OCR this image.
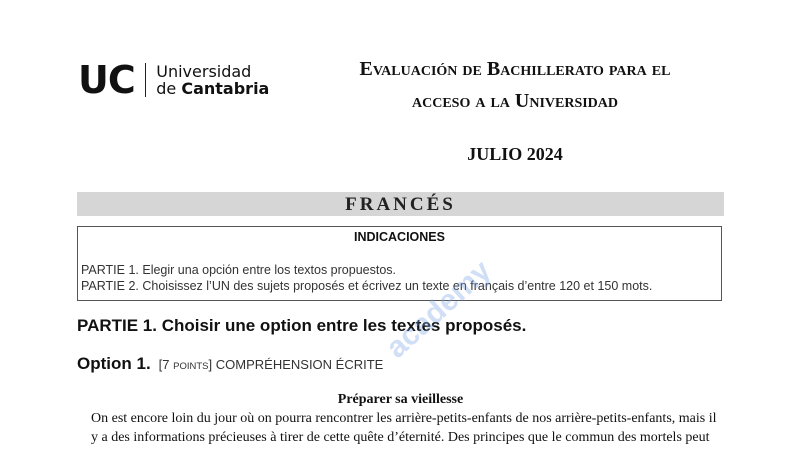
UC Universidad
de Cantabria
Evaluación de Bachillerato para el
acceso a la Universidad
JULIO 2024
FRANCÉS
INDICACIONES
PARTIE 1. Elegir una opción entre los textos propuestos.
PARTIE 2. Choisissez l’UN des sujets proposés et écrivez un texte en français d’entre 120 et 150 mots.
PARTIE 1. Choisir une option entre les textes proposés.
Option 1. [7 POINTS] COMPRÉHENSION ÉCRITE
Préparer sa vieillesse
On est encore loin du jour où on pourra rencontrer les arrière-petits-enfants de nos arrière-petits-enfants, mais il
y a des informations précieuses à tirer de cette quête d’éternité. Des principes que le commun des mortels peut
academy
